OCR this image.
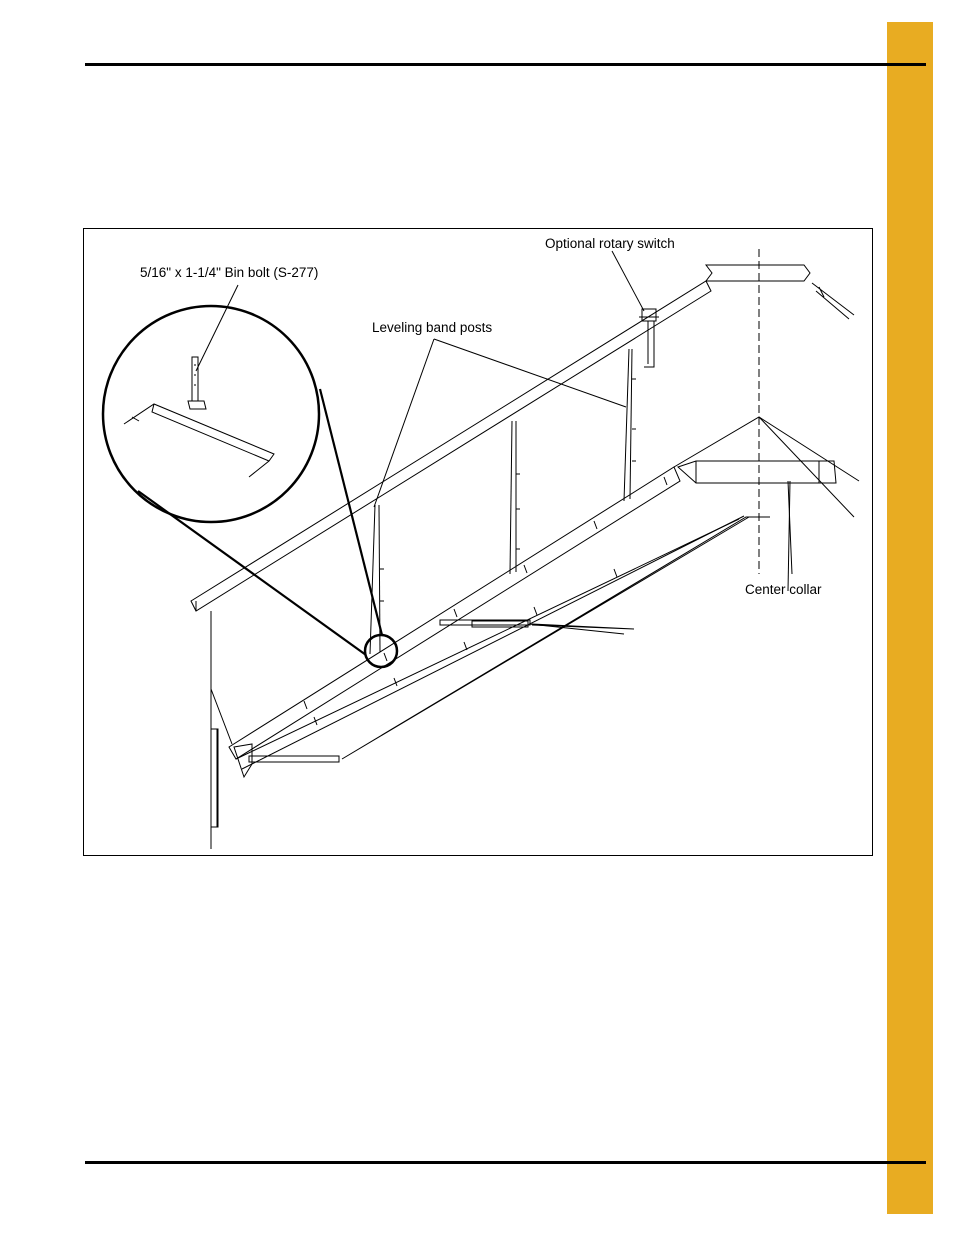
Optional rotary switch
5/16" x 1-1/4" Bin bolt (S-277)
Leveling band posts
Center collar
